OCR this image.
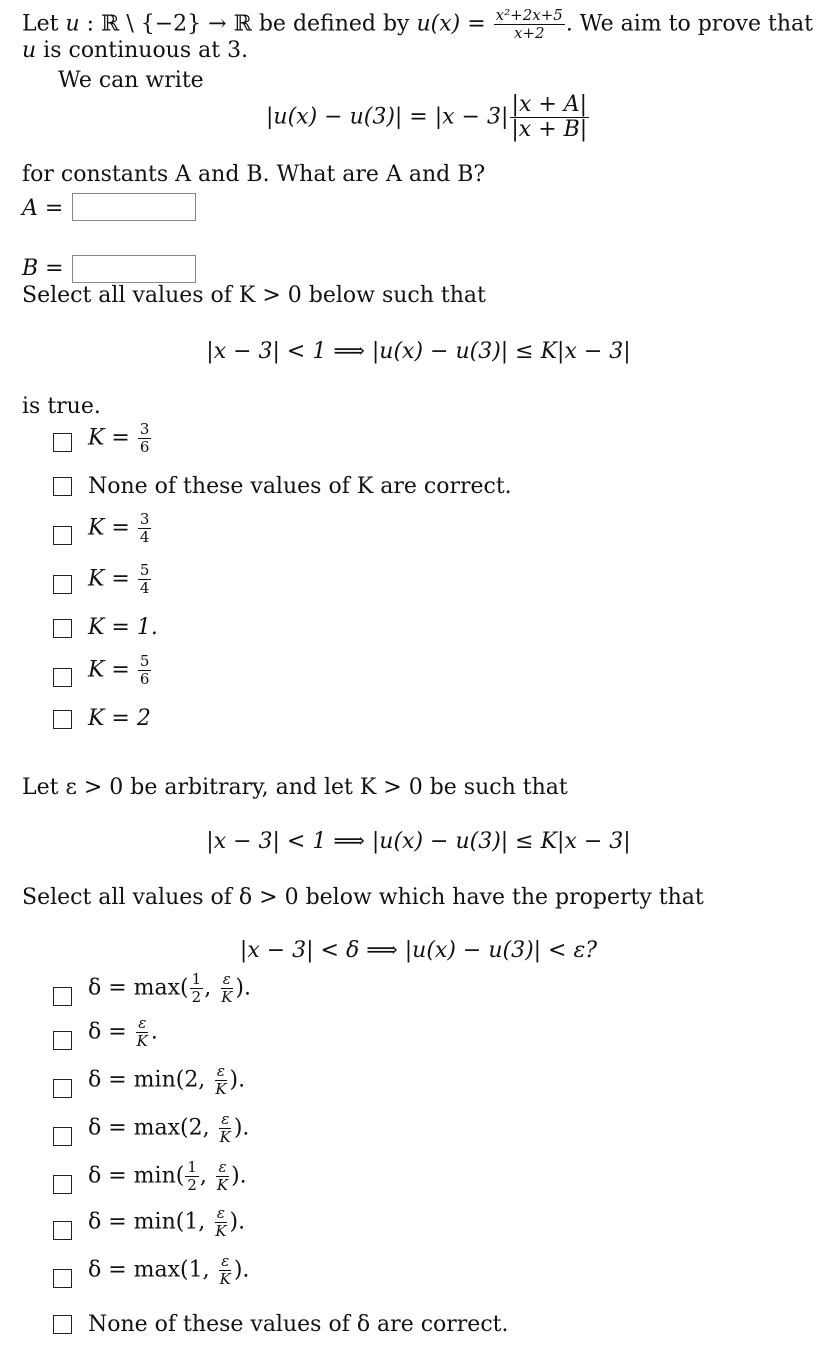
Let u : ℝ \ {−2} → ℝ be defined by $u(x) = \frac{\text{x²+2x+5}}{x+2}$ . We aim to prove that
u is continuous at 3.
We can write
$|u(x) - u(3)| = |x - 3| \frac{|x + A|}{|x + B|}$
for constants A and B. What are A and B?
A =
B =
Select all values of K > 0 below such that
|x − 3| < 1 ⟹ |u(x) − u(3)| ≤ K|x − 3|
is true.
$K = \frac{3}{6}$
None of these values of K are correct.
$K = \frac{3}{4}$
$K = \frac{5}{4}$
K = 1.
$K = \frac{5}{6}$
K = 2
Let ε > 0 be arbitrary, and let K > 0 be such that
|x − 3| < 1 ⟹ |u(x) − u(3)| ≤ K|x − 3|
Select all values of δ > 0 below which have the property that
|x − 3| < δ ⟹ |u(x) − u(3)| < ε?
$\delta = \max( \frac{1}{2}$ , $\frac{\varepsilon}{K}$ ).
$\delta = \frac{\varepsilon}{K}$ .
δ = min(2, $\frac{\varepsilon}{K}$ ).
δ = max(2, $\frac{\varepsilon}{K}$ ).
$\delta = \min( \frac{1}{2}$ , $\frac{\varepsilon}{K}$ ).
δ = min(1, $\frac{\varepsilon}{K}$ ).
δ = max(1, $\frac{\varepsilon}{K}$ ).
None of these values of δ are correct.
